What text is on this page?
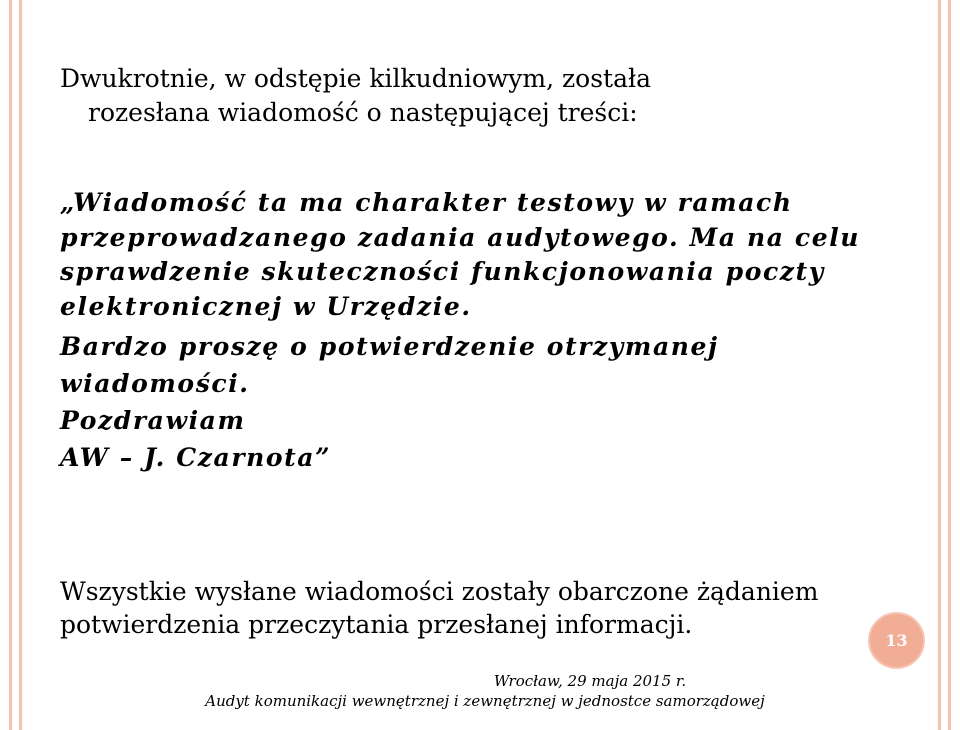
Dwukrotnie, w odstępie kilkudniowym, została
rozesłana wiadomość o następującej treści:

„Wiadomość ta ma charakter testowy w ramach przeprowadzanego zadania audytowego. Ma na celu sprawdzenie skuteczności funkcjonowania poczty elektronicznej w Urzędzie.
Bardzo proszę o potwierdzenie otrzymanej wiadomości.
Pozdrawiam
AW – J. Czarnota”

Wszystkie wysłane wiadomości zostały obarczone żądaniem potwierdzenia przeczytania przesłanej informacji.

13
Wrocław, 29 maja 2015 r.
Audyt komunikacji wewnętrznej i zewnętrznej w jednostce samorządowej
